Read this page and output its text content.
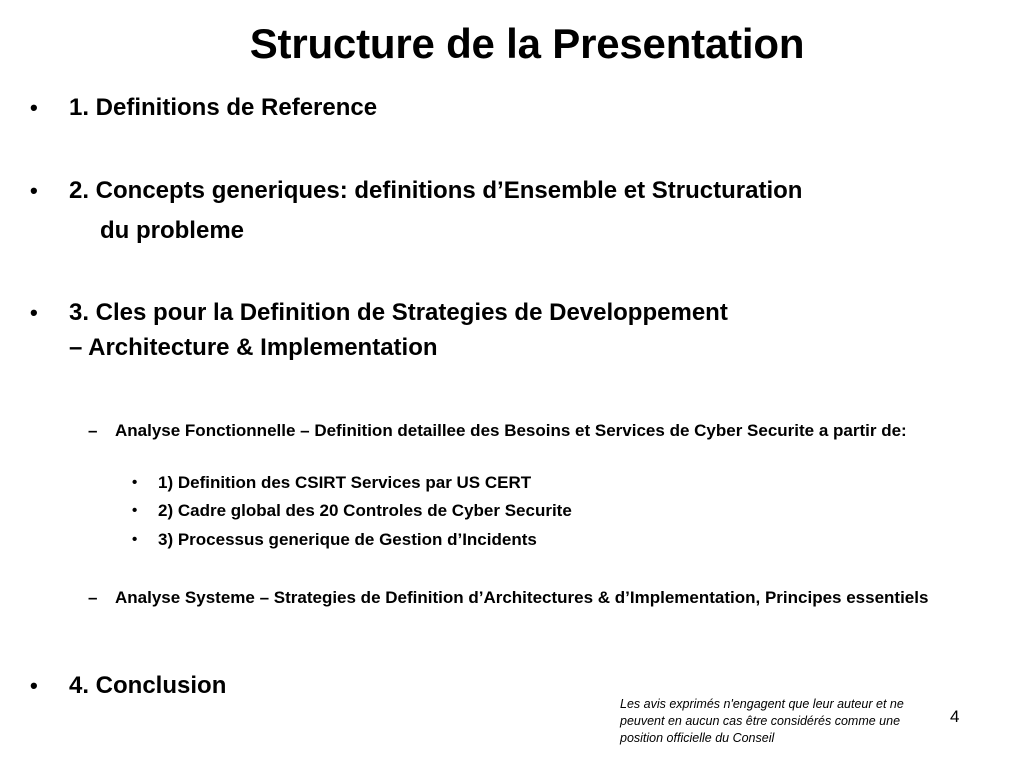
Structure de la Presentation
• 1. Definitions de Reference
• 2. Concepts generiques: definitions d’Ensemble et Structuration
du probleme
• 3. Cles pour la Definition de Strategies de Developpement
– Architecture & Implementation
– Analyse Fonctionnelle – Definition detaillee des Besoins et Services de Cyber Securite a partir de:
• 1) Definition des CSIRT Services par US CERT
• 2) Cadre global des 20 Controles de Cyber Securite
• 3) Processus generique de Gestion d’Incidents
– Analyse Systeme – Strategies de Definition d’Architectures & d’Implementation, Principes essentiels
• 4. Conclusion
Les avis exprimés n'engagent que leur auteur et ne peuvent en aucun cas être considérés comme une position officielle du Conseil
4
